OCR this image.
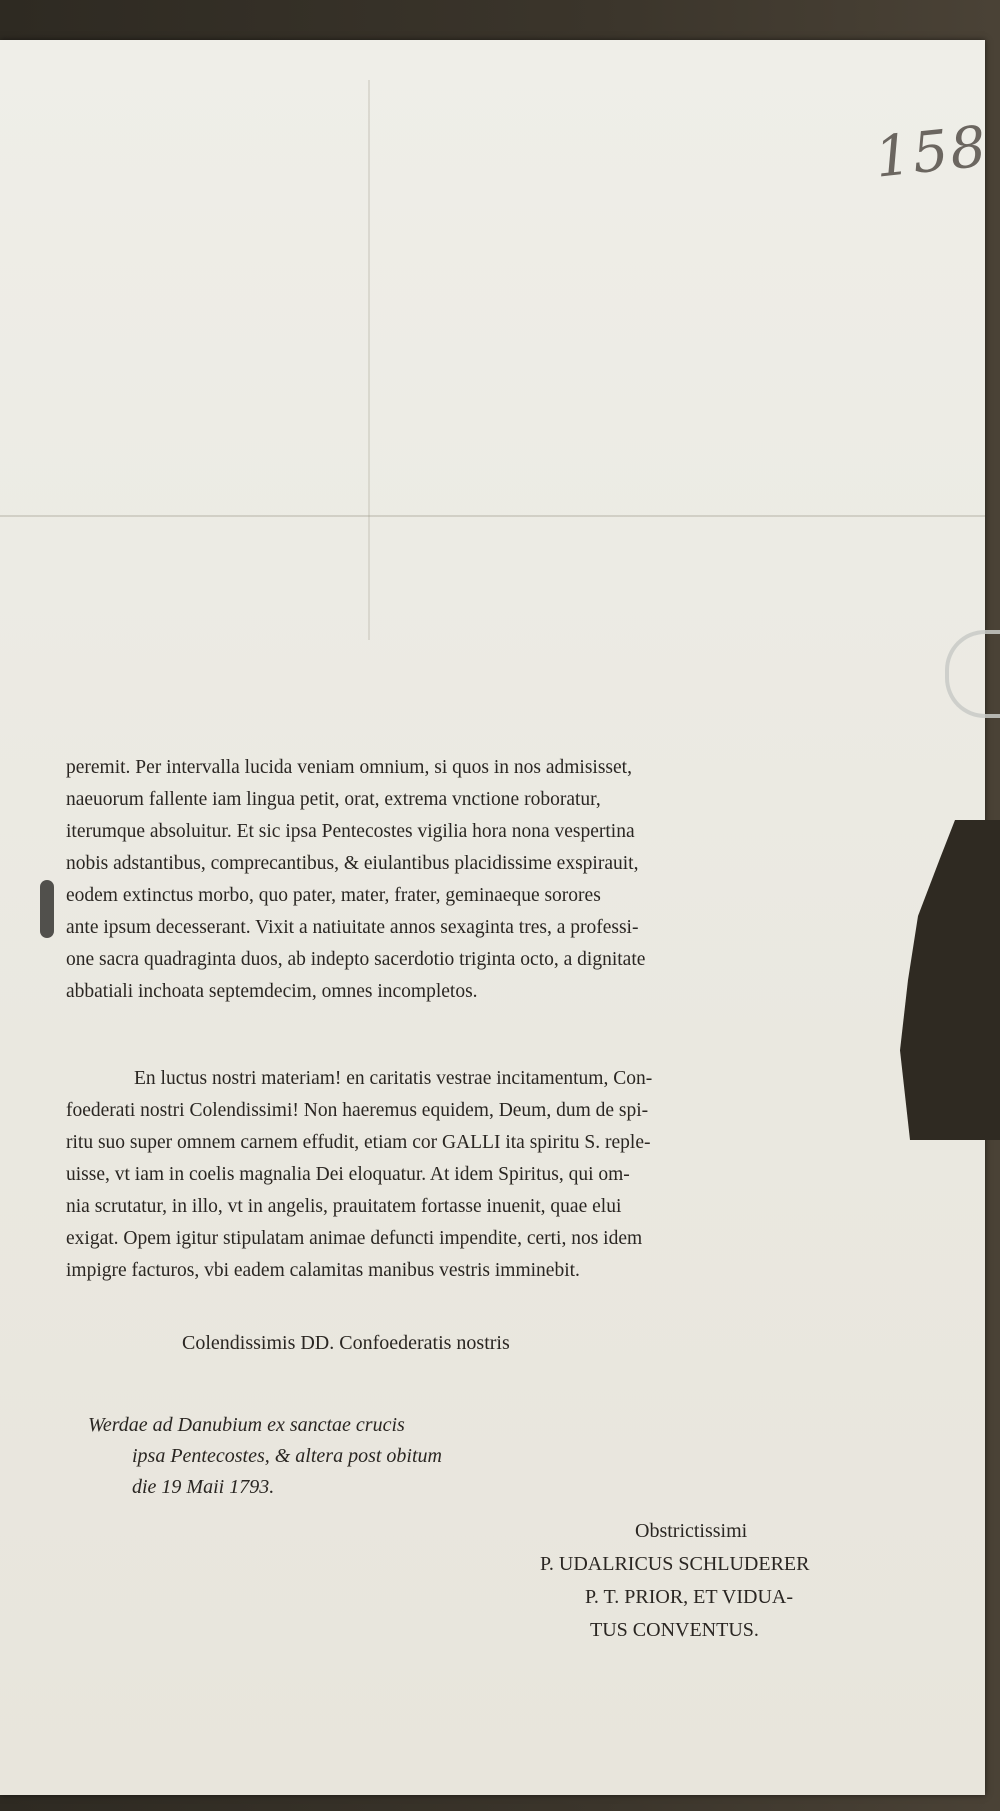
158
peremit. Per intervalla lucida veniam omnium, si quos in nos admisisset,
naeuorum fallente iam lingua petit, orat, extrema vnctione roboratur,
iterumque absoluitur. Et sic ipsa Pentecostes vigilia hora nona vespertina
nobis adstantibus, comprecantibus, & eiulantibus placidissime exspirauit,
eodem extinctus morbo, quo pater, mater, frater, geminaeque sorores
ante ipsum decesserant. Vixit a natiuitate annos sexaginta tres, a professi-
one sacra quadraginta duos, ab indepto sacerdotio triginta octo, a dignitate
abbatiali inchoata septemdecim, omnes incompletos.
En luctus nostri materiam! en caritatis vestrae incitamentum, Con-
foederati nostri Colendissimi! Non haeremus equidem, Deum, dum de spi-
ritu suo super omnem carnem effudit, etiam cor GALLI ita spiritu S. reple-
uisse, vt iam in coelis magnalia Dei eloquatur. At idem Spiritus, qui om-
nia scrutatur, in illo, vt in angelis, prauitatem fortasse inuenit, quae elui
exigat. Opem igitur stipulatam animae defuncti impendite, certi, nos idem
impigre facturos, vbi eadem calamitas manibus vestris imminebit.
Colendissimis DD. Confoederatis nostris
Werdae ad Danubium ex sanctae crucis
ipsa Pentecostes, & altera post obitum
die 19 Maii 1793.
Obstrictissimi
P. UDALRICUS SCHLUDERER
P. T. PRIOR, ET VIDUA-
TUS CONVENTUS.
